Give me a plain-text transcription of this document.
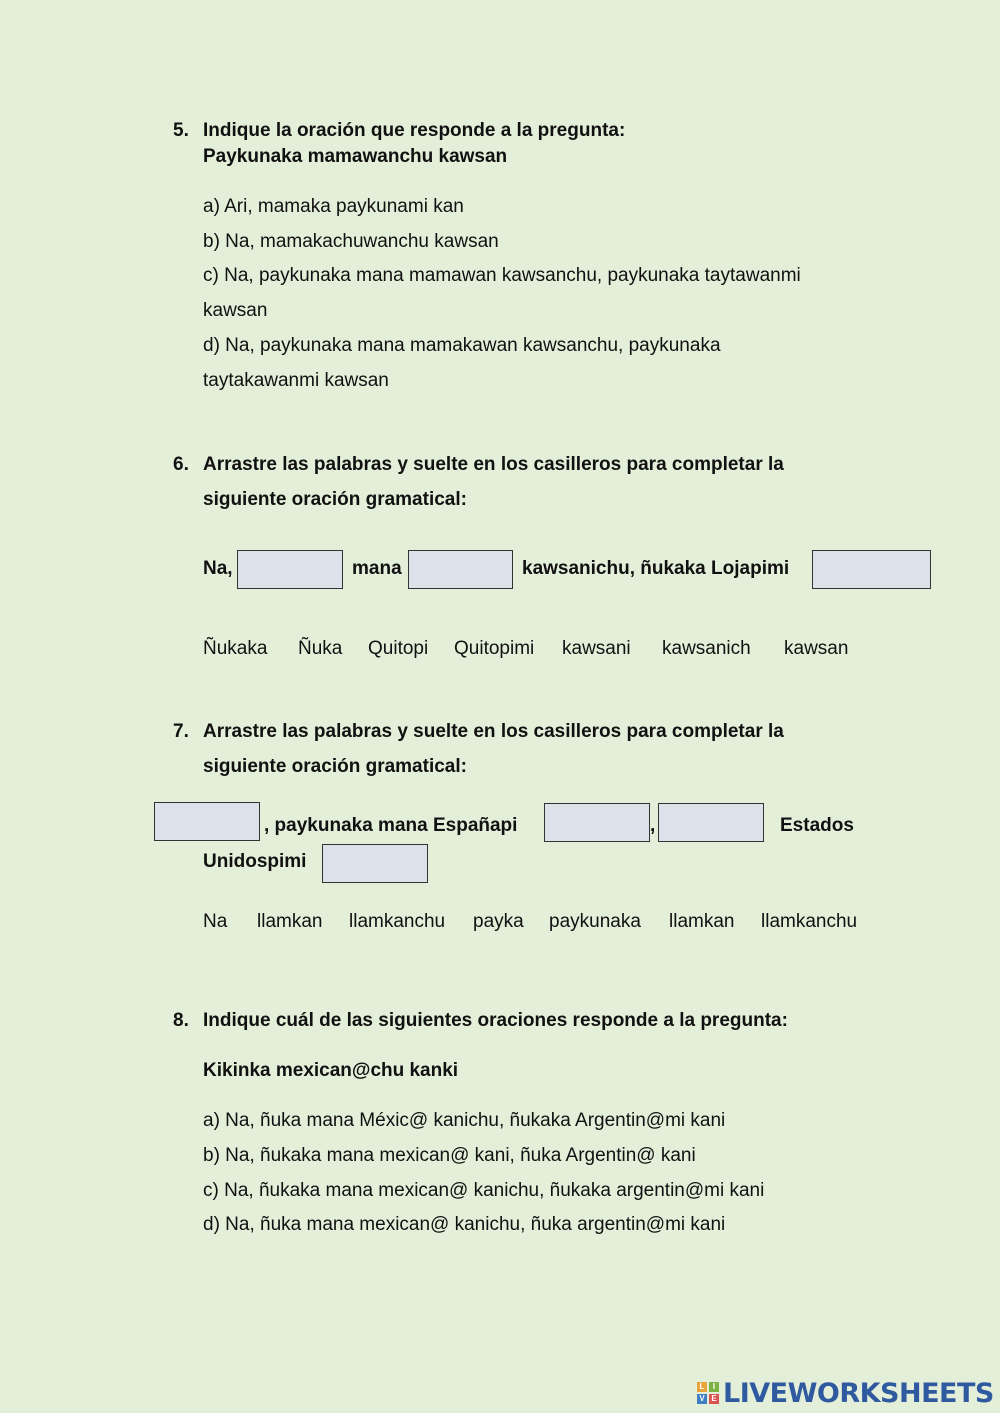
5. Indique la oración que responde a la pregunta:
Paykunaka mamawanchu kawsan
a) Ari, mamaka paykunami kan
b) Na, mamakachuwanchu kawsan
c) Na, paykunaka mana mamawan kawsanchu, paykunaka taytawanmi
kawsan
d) Na, paykunaka mana mamakawan kawsanchu, paykunaka
taytakawanmi kawsan
6. Arrastre las palabras y suelte en los casilleros para completar la
siguiente oración gramatical:
Na,	mana	kawsanichu, ñukaka Lojapimi
Ñukaka Ñuka Quitopi Quitopimi kawsani kawsanich kawsan
7. Arrastre las palabras y suelte en los casilleros para completar la
siguiente oración gramatical:
, paykunaka mana Españapi	,	Estados
Unidospimi
Na llamkan llamkanchu payka paykunaka llamkan llamkanchu
8. Indique cuál de las siguientes oraciones responde a la pregunta:
Kikinka mexican@chu kanki
a) Na, ñuka mana Méxic@ kanichu, ñukaka Argentin@mi kani
b) Na, ñukaka mana mexican@ kani, ñuka Argentin@ kani
c) Na, ñukaka mana mexican@ kanichu, ñukaka argentin@mi kani
d) Na, ñuka mana mexican@ kanichu, ñuka argentin@mi kani
L	I
V E LIVEWORKSHEETS
